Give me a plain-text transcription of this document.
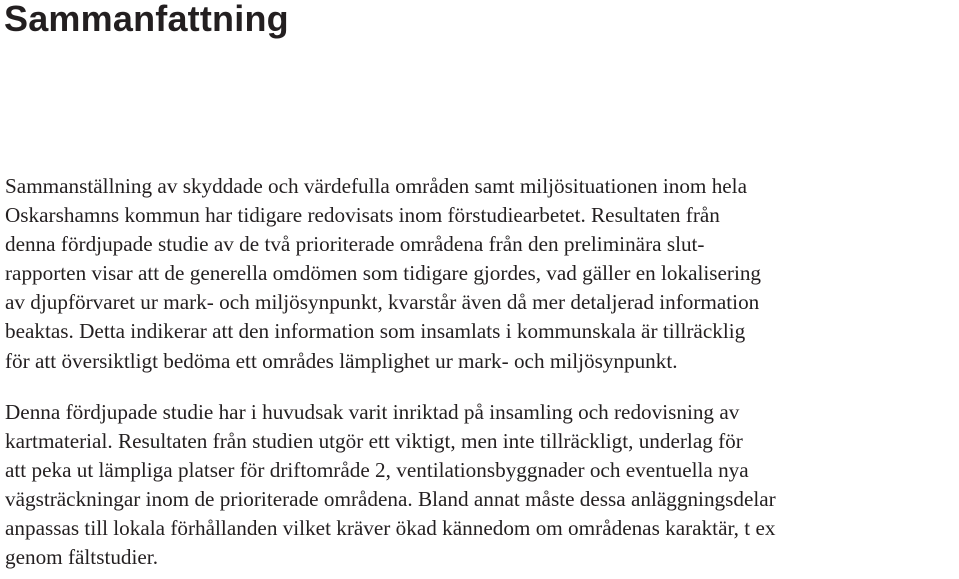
Sammanfattning

Sammanställning av skyddade och värdefulla områden samt miljösituationen inom hela
Oskarshamns kommun har tidigare redovisats inom förstudiearbetet. Resultaten från
denna fördjupade studie av de två prioriterade områdena från den preliminära slut-
rapporten visar att de generella omdömen som tidigare gjordes, vad gäller en lokalisering
av djupförvaret ur mark- och miljösynpunkt, kvarstår även då mer detaljerad information
beaktas. Detta indikerar att den information som insamlats i kommunskala är tillräcklig
för att översiktligt bedöma ett områdes lämplighet ur mark- och miljösynpunkt.

Denna fördjupade studie har i huvudsak varit inriktad på insamling och redovisning av
kartmaterial. Resultaten från studien utgör ett viktigt, men inte tillräckligt, underlag för
att peka ut lämpliga platser för driftområde 2, ventilationsbyggnader och eventuella nya
vägsträckningar inom de prioriterade områdena. Bland annat måste dessa anläggningsdelar
anpassas till lokala förhållanden vilket kräver ökad kännedom om områdenas karaktär, t ex
genom fältstudier.
